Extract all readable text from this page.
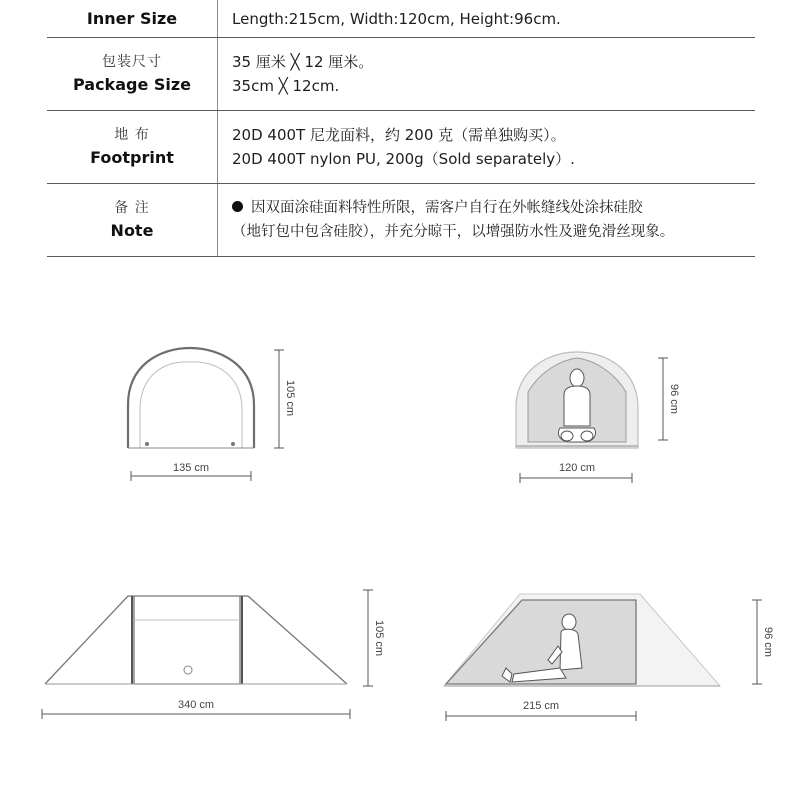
Inner Size	Length:215cm, Width:120cm, Height:96cm.

包装尺寸
Package Size	35 厘米 ╳ 12 厘米。
35cm ╳ 12cm.

地 布
Footprint	20D 400T 尼龙面料，约 200 克（需单独购买）。
20D 400T nylon PU, 200g（Sold separately）.

备 注
Note	因双面涂硅面料特性所限，需客户自行在外帐缝线处涂抹硅胶
（地钉包中包含硅胶），并充分晾干，以增强防水性及避免滑丝现象。
135 cm
105 cm
120 cm
96 cm
340 cm
105 cm
215 cm
96 cm
